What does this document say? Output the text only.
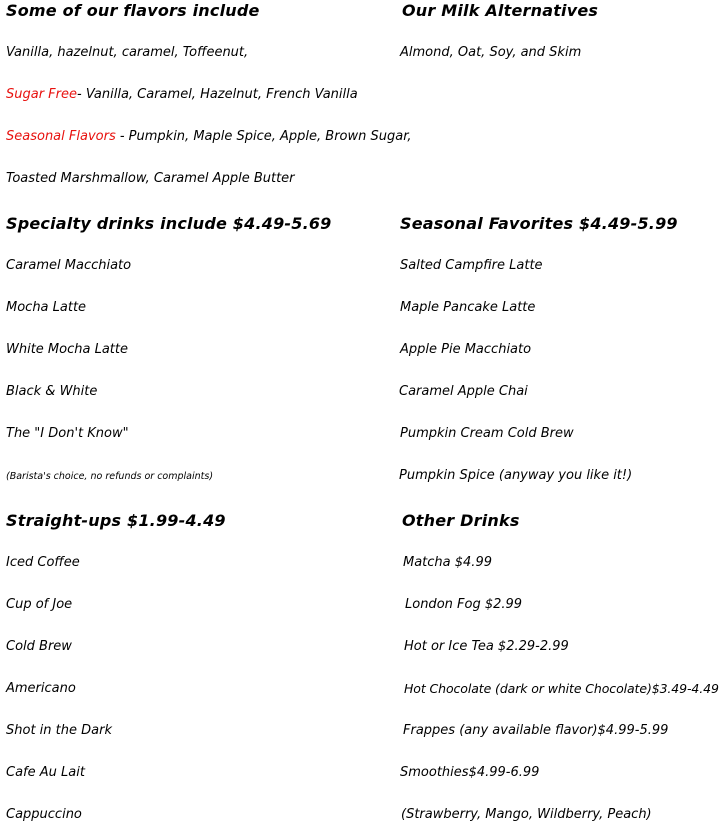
Some of our flavors include
Vanilla, hazelnut, caramel, Toffeenut,
Sugar Free- Vanilla, Caramel, Hazelnut, French Vanilla
Seasonal Flavors - Pumpkin, Maple Spice, Apple, Brown Sugar,
Toasted Marshmallow, Caramel Apple Butter
Our Milk Alternatives
Almond, Oat, Soy, and Skim
Specialty drinks include $4.49-5.69
Caramel Macchiato
Mocha Latte
White Mocha Latte
Black & White
The "I Don't Know"
(Barista's choice, no refunds or complaints)
Seasonal Favorites $4.49-5.99
Salted Campfire Latte
Maple Pancake Latte
Apple Pie Macchiato
Caramel Apple Chai
Pumpkin Cream Cold Brew
Pumpkin Spice (anyway you like it!)
Straight-ups $1.99-4.49
Iced Coffee
Cup of Joe
Cold Brew
Americano
Shot in the Dark
Cafe Au Lait
Cappuccino
Other Drinks
Matcha $4.99
London Fog $2.99
Hot or Ice Tea $2.29-2.99
Hot Chocolate (dark or white Chocolate)$3.49-4.49
Frappes (any available flavor)$4.99-5.99
Smoothies$4.99-6.99
(Strawberry, Mango, Wildberry, Peach)
